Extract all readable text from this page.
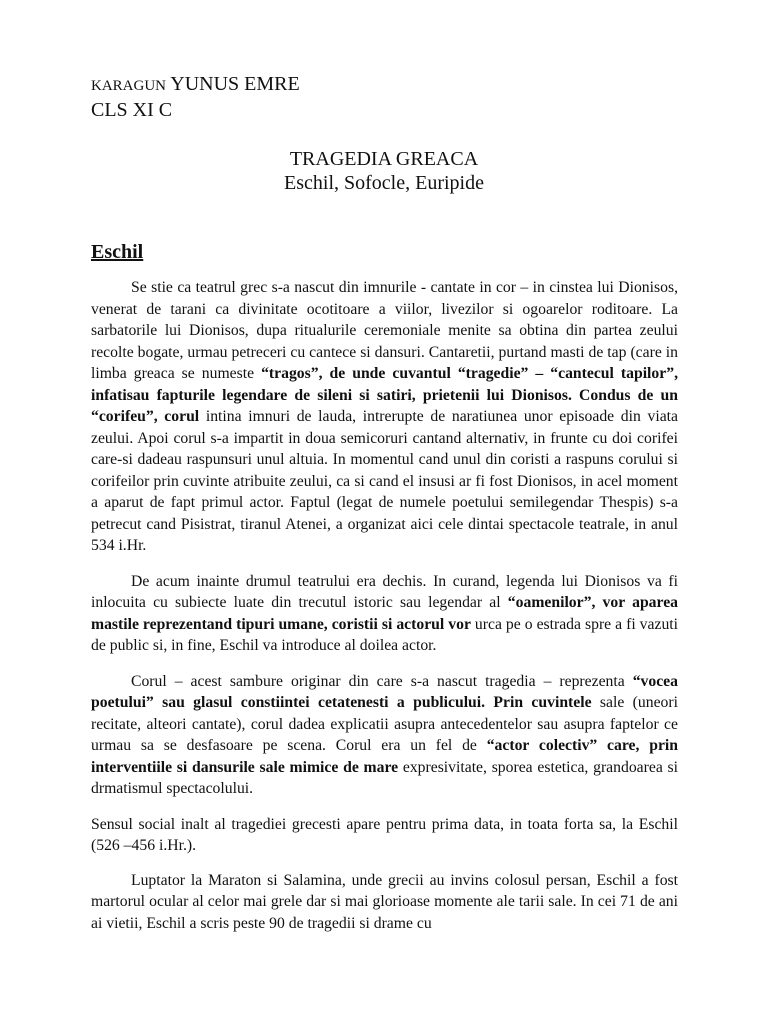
KARAGUN YUNUS EMRE

CLS XI C

TRAGEDIA GREACA

Eschil, Sofocle, Euripide

Eschil

Se stie ca teatrul grec s-a nascut din imnurile - cantate in cor – in cinstea lui Dionisos, venerat de tarani ca divinitate ocotitoare a viilor, livezilor si ogoarelor roditoare. La sarbatorile lui Dionisos, dupa ritualurile ceremoniale menite sa obtina din partea zeului recolte bogate, urmau petreceri cu cantece si dansuri. Cantaretii, purtand masti de tap (care in limba greaca se numeste “tragos”, de unde cuvantul “tragedie” – “cantecul tapilor”, infatisau fapturile legendare de sileni si satiri, prietenii lui Dionisos. Condus de un “corifeu”, corul intina imnuri de lauda, intrerupte de naratiunea unor episoade din viata zeului. Apoi corul s-a impartit in doua semicoruri cantand alternativ, in frunte cu doi corifei care-si dadeau raspunsuri unul altuia. In momentul cand unul din coristi a raspuns corului si corifeilor prin cuvinte atribuite zeului, ca si cand el insusi ar fi fost Dionisos, in acel moment a aparut de fapt primul actor. Faptul (legat de numele poetului semilegendar Thespis) s-a petrecut cand Pisistrat, tiranul Atenei, a organizat aici cele dintai spectacole teatrale, in anul 534 i.Hr.

De acum inainte drumul teatrului era dechis. In curand, legenda lui Dionisos va fi inlocuita cu subiecte luate din trecutul istoric sau legendar al “oamenilor”, vor aparea mastile reprezentand tipuri umane, coristii si actorul vor urca pe o estrada spre a fi vazuti de public si, in fine, Eschil va introduce al doilea actor.

Corul – acest sambure originar din care s-a nascut tragedia – reprezenta “vocea poetului” sau glasul constiintei cetatenesti a publicului. Prin cuvintele sale (uneori recitate, alteori cantate), corul dadea explicatii asupra antecedentelor sau asupra faptelor ce urmau sa se desfasoare pe scena. Corul era un fel de “actor colectiv” care, prin interventiile si dansurile sale mimice de mare expresivitate, sporea estetica, grandoarea si drmatismul spectacolului.

Sensul social inalt al tragediei grecesti apare pentru prima data, in toata forta sa, la Eschil (526 –456 i.Hr.).

Luptator la Maraton si Salamina, unde grecii au invins colosul persan, Eschil a fost martorul ocular al celor mai grele dar si mai glorioase momente ale tarii sale. In cei 71 de ani ai vietii, Eschil a scris peste 90 de tragedii si drame cu
